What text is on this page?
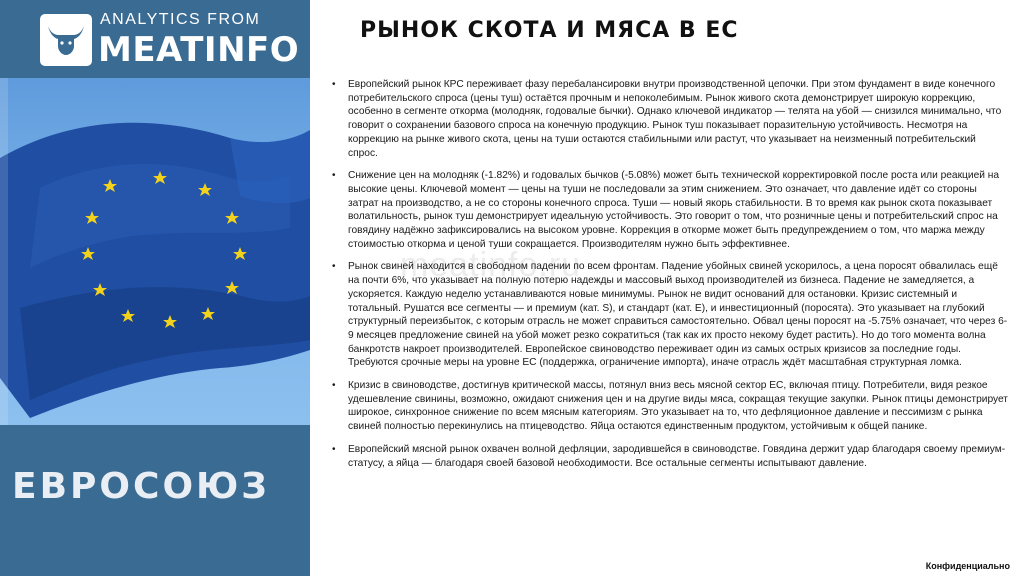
ANALYTICS FROM
MEATINFO
ЕВРОСОЮЗ
РЫНОК СКОТА И МЯСА В ЕС
meatinfo.ru
• Европейский рынок КРС переживает фазу перебалансировки внутри производственной цепочки. При этом фундамент в виде конечного потребительского спроса (цены туш) остаётся прочным и непоколебимым. Рынок живого скота демонстрирует широкую коррекцию, особенно в сегменте откорма (молодняк, годовалые бычки). Однако ключевой индикатор — телята на убой — снизился минимально, что говорит о сохранении базового спроса на конечную продукцию. Рынок туш показывает поразительную устойчивость. Несмотря на коррекцию на рынке живого скота, цены на туши остаются стабильными или растут, что указывает на неизменный потребительский спрос.
• Снижение цен на молодняк (-1.82%) и годовалых бычков (-5.08%) может быть технической корректировкой после роста или реакцией на высокие цены. Ключевой момент — цены на туши не последовали за этим снижением. Это означает, что давление идёт со стороны затрат на производство, а не со стороны конечного спроса. Туши — новый якорь стабильности. В то время как рынок скота показывает волатильность, рынок туш демонстрирует идеальную устойчивость. Это говорит о том, что розничные цены и потребительский спрос на говядину надёжно зафиксировались на высоком уровне. Коррекция в откорме может быть предупреждением о том, что маржа между стоимостью откорма и ценой туши сокращается. Производителям нужно быть эффективнее.
• Рынок свиней находится в свободном падении по всем фронтам. Падение убойных свиней ускорилось, а цена поросят обвалилась ещё на почти 6%, что указывает на полную потерю надежды и массовый выход производителей из бизнеса. Падение не замедляется, а ускоряется. Каждую неделю устанавливаются новые минимумы. Рынок не видит оснований для остановки. Кризис системный и тотальный. Рушатся все сегменты — и премиум (кат. S), и стандарт (кат. Е), и инвестиционный (поросята). Это указывает на глубокий структурный переизбыток, с которым отрасль не может справиться самостоятельно. Обвал цены поросят на -5.75% означает, что через 6-9 месяцев предложение свиней на убой может резко сократиться (так как их просто некому будет растить). Но до того момента волна банкротств накроет производителей. Европейское свиноводство переживает один из самых острых кризисов за последние годы. Требуются срочные меры на уровне ЕС (поддержка, ограничение импорта), иначе отрасль ждёт масштабная структурная ломка.
• Кризис в свиноводстве, достигнув критической массы, потянул вниз весь мясной сектор ЕС, включая птицу. Потребители, видя резкое удешевление свинины, возможно, ожидают снижения цен и на другие виды мяса, сокращая текущие закупки. Рынок птицы демонстрирует широкое, синхронное снижение по всем мясным категориям. Это указывает на то, что дефляционное давление и пессимизм с рынка свиней полностью перекинулись на птицеводство. Яйца остаются единственным продуктом, устойчивым к общей панике.
• Европейский мясной рынок охвачен волной дефляции, зародившейся в свиноводстве. Говядина держит удар благодаря своему премиум-статусу, а яйца — благодаря своей базовой необходимости. Все остальные сегменты испытывают давление.
Конфиденциально
